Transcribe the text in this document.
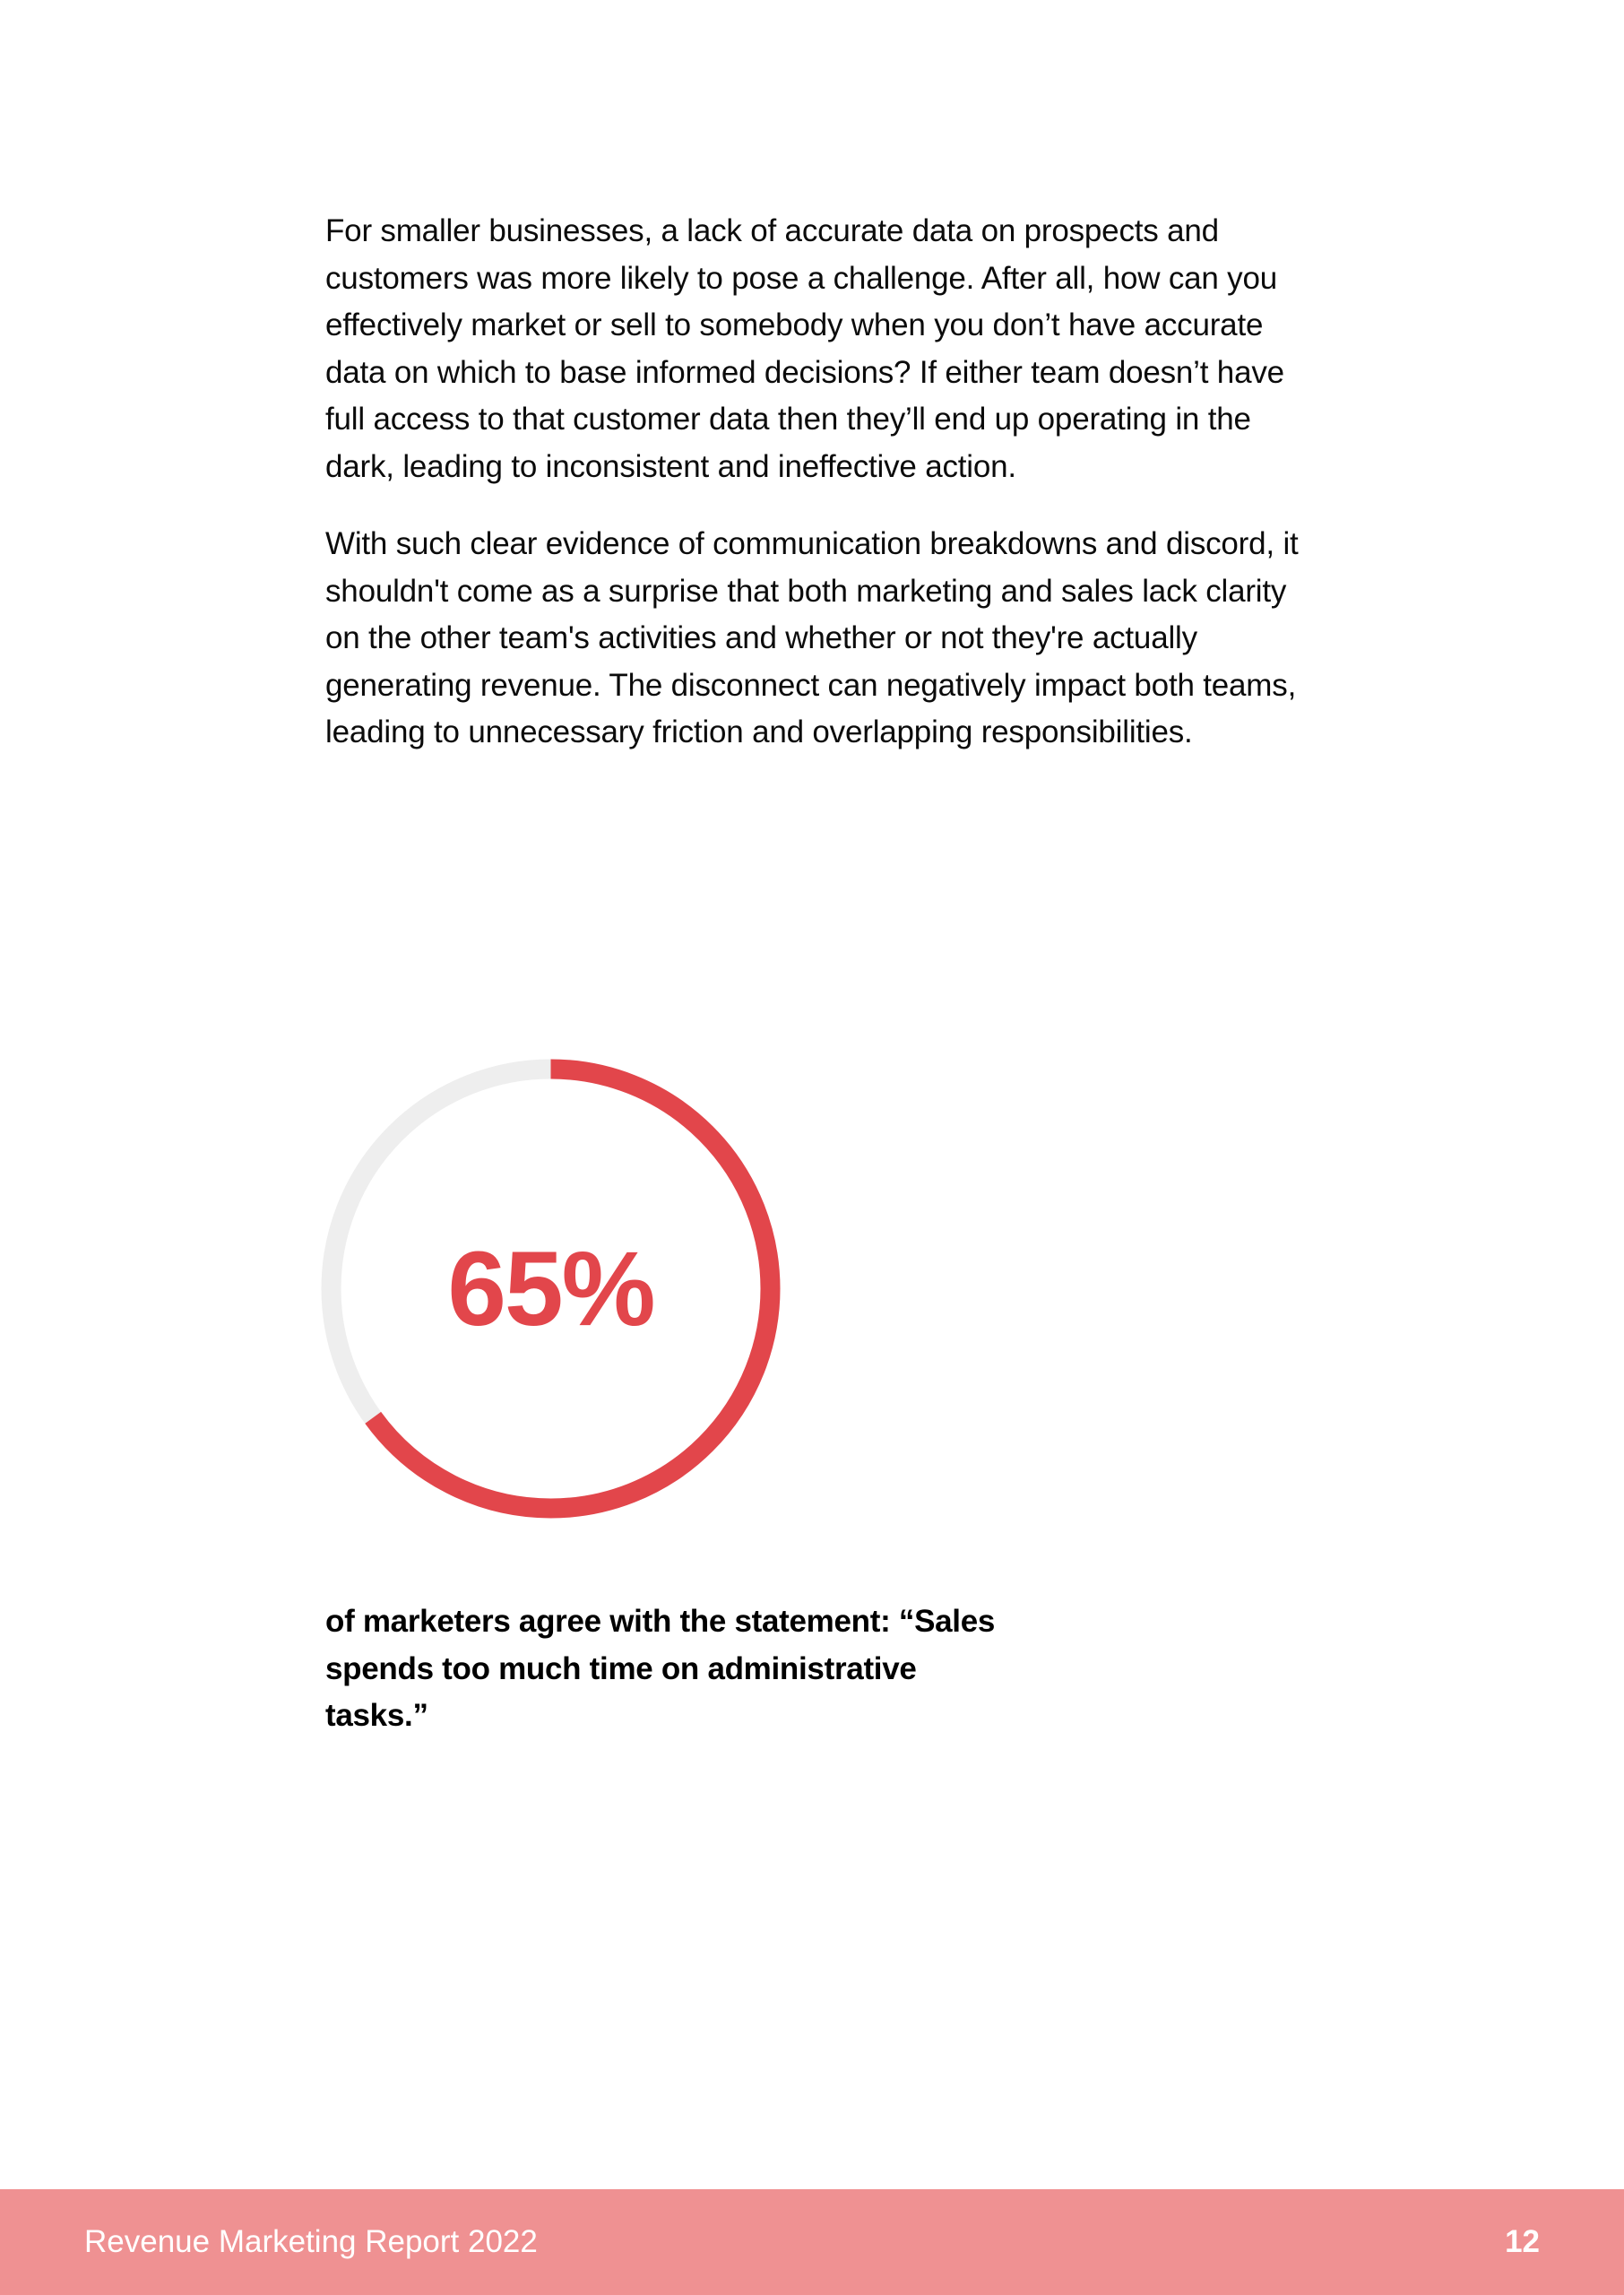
For smaller businesses, a lack of accurate data on prospects and customers was more likely to pose a challenge. After all, how can you effectively market or sell to somebody when you don’t have accurate data on which to base informed decisions? If either team doesn’t have full access to that customer data then they’ll end up operating in the dark, leading to inconsistent and ineffective action.

With such clear evidence of communication breakdowns and discord, it shouldn't come as a surprise that both marketing and sales lack clarity on the other team's activities and whether or not they're actually generating revenue. The disconnect can negatively impact both teams, leading to unnecessary friction and overlapping responsibilities.

65%

of marketers agree with the statement: “Sales spends too much time on administrative tasks.”

Revenue Marketing Report 2022	12
